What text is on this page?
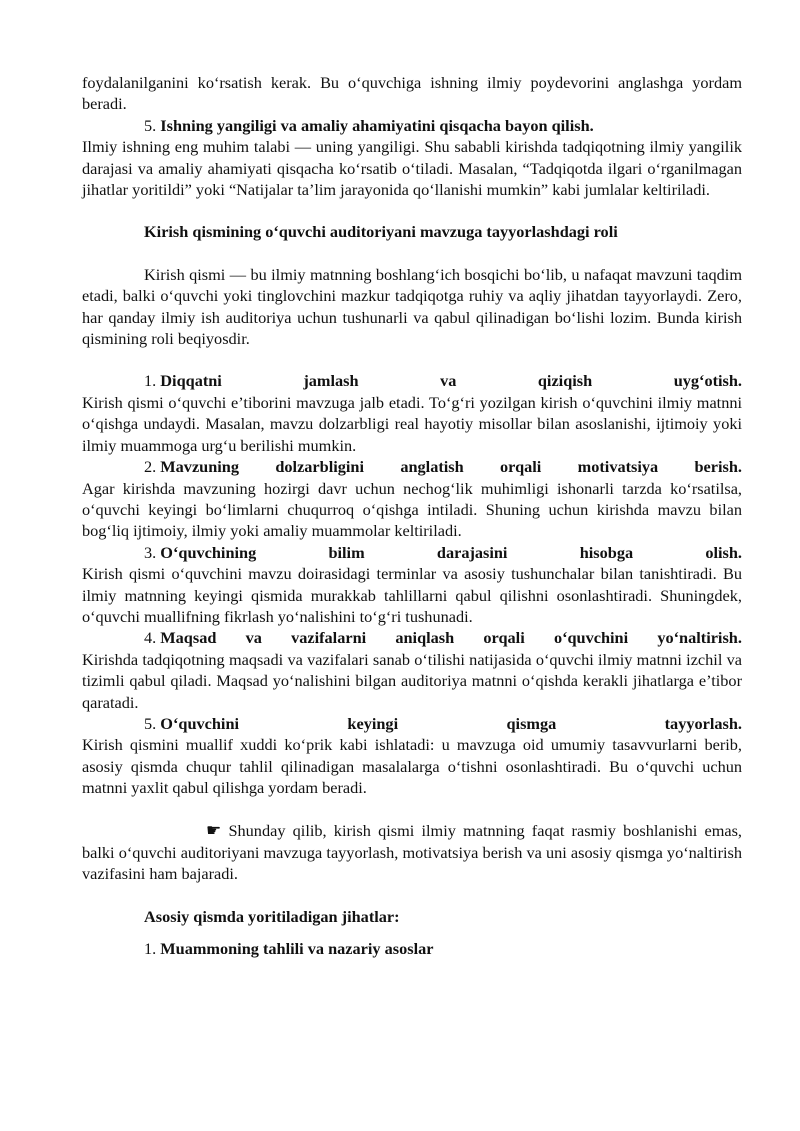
foydalanilganini ko‘rsatish kerak. Bu o‘quvchiga ishning ilmiy poydevorini anglashga yordam beradi.

5. Ishning yangiligi va amaliy ahamiyatini qisqacha bayon qilish.
Ilmiy ishning eng muhim talabi — uning yangiligi. Shu sababli kirishda tadqiqotning ilmiy yangilik darajasi va amaliy ahamiyati qisqacha ko‘rsatib o‘tiladi. Masalan, “Tadqiqotda ilgari o‘rganilmagan jihatlar yoritildi” yoki “Natijalar ta’lim jarayonida qo‘llanishi mumkin” kabi jumlalar keltiriladi.

Kirish qismining o‘quvchi auditoriyani mavzuga tayyorlashdagi roli

Kirish qismi — bu ilmiy matnning boshlang‘ich bosqichi bo‘lib, u nafaqat mavzuni taqdim etadi, balki o‘quvchi yoki tinglovchini mazkur tadqiqotga ruhiy va aqliy jihatdan tayyorlaydi. Zero, har qanday ilmiy ish auditoriya uchun tushunarli va qabul qilinadigan bo‘lishi lozim. Bunda kirish qismining roli beqiyosdir.

1. Diqqatni	jamlash	va	qiziqish	uyg‘otish.

Kirish qismi o‘quvchi e’tiborini mavzuga jalb etadi. To‘g‘ri yozilgan kirish o‘quvchini ilmiy matnni o‘qishga undaydi. Masalan, mavzu dolzarbligi real hayotiy misollar bilan asoslanishi, ijtimoiy yoki ilmiy muammoga urg‘u berilishi mumkin.

2. Mavzuning dolzarbligini anglatish orqali motivatsiya berish.

Agar kirishda mavzuning hozirgi davr uchun nechog‘lik muhimligi ishonarli tarzda ko‘rsatilsa, o‘quvchi keyingi bo‘limlarni chuqurroq o‘qishga intiladi. Shuning uchun kirishda mavzu bilan bog‘liq ijtimoiy, ilmiy yoki amaliy muammolar keltiriladi.

3. O‘quvchining	bilim	darajasini	hisobga	olish.

Kirish qismi o‘quvchini mavzu doirasidagi terminlar va asosiy tushunchalar bilan tanishtiradi. Bu ilmiy matnning keyingi qismida murakkab tahlillarni qabul qilishni osonlashtiradi. Shuningdek, o‘quvchi muallifning fikrlash yo‘nalishini to‘g‘ri tushunadi.

4. Maqsad va vazifalarni aniqlash orqali o‘quvchini yo‘naltirish.

Kirishda tadqiqotning maqsadi va vazifalari sanab o‘tilishi natijasida o‘quvchi ilmiy matnni izchil va tizimli qabul qiladi. Maqsad yo‘nalishini bilgan auditoriya matnni o‘qishda kerakli jihatlarga e’tibor qaratadi.

5. O‘quvchini	keyingi	qismga	tayyorlash.

Kirish qismini muallif xuddi ko‘prik kabi ishlatadi: u mavzuga oid umumiy tasavvurlarni berib, asosiy qismda chuqur tahlil qilinadigan masalalarga o‘tishni osonlashtiradi. Bu o‘quvchi uchun matnni yaxlit qabul qilishga yordam beradi.

☛ Shunday qilib, kirish qismi ilmiy matnning faqat rasmiy boshlanishi emas, balki o‘quvchi auditoriyani mavzuga tayyorlash, motivatsiya berish va uni asosiy qismga yo‘naltirish vazifasini ham bajaradi.

Asosiy qismda yoritiladigan jihatlar:

1. Muammoning tahlili va nazariy asoslar
